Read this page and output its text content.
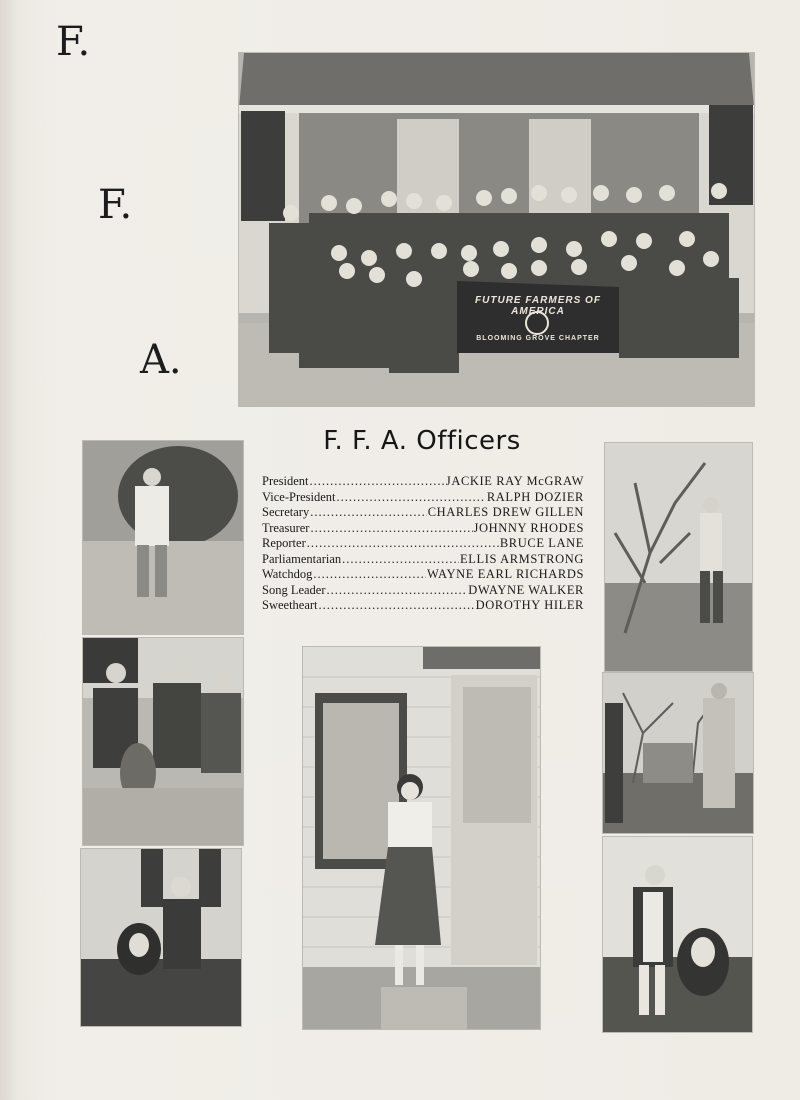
F.
F.
A.
FUTURE FARMERS OF AMERICA
BLOOMING GROVE CHAPTER
F. F. A. Officers
President .....	JACKIE RAY McGRAW
Vice-President .....	RALPH DOZIER
Secretary .....	CHARLES DREW GILLEN
Treasurer .....	JOHNNY RHODES
Reporter .....	BRUCE LANE
Parliamentarian .....	ELLIS ARMSTRONG
Watchdog .....	WAYNE EARL RICHARDS
Song Leader .....	DWAYNE WALKER
Sweetheart .....	DOROTHY HILER
